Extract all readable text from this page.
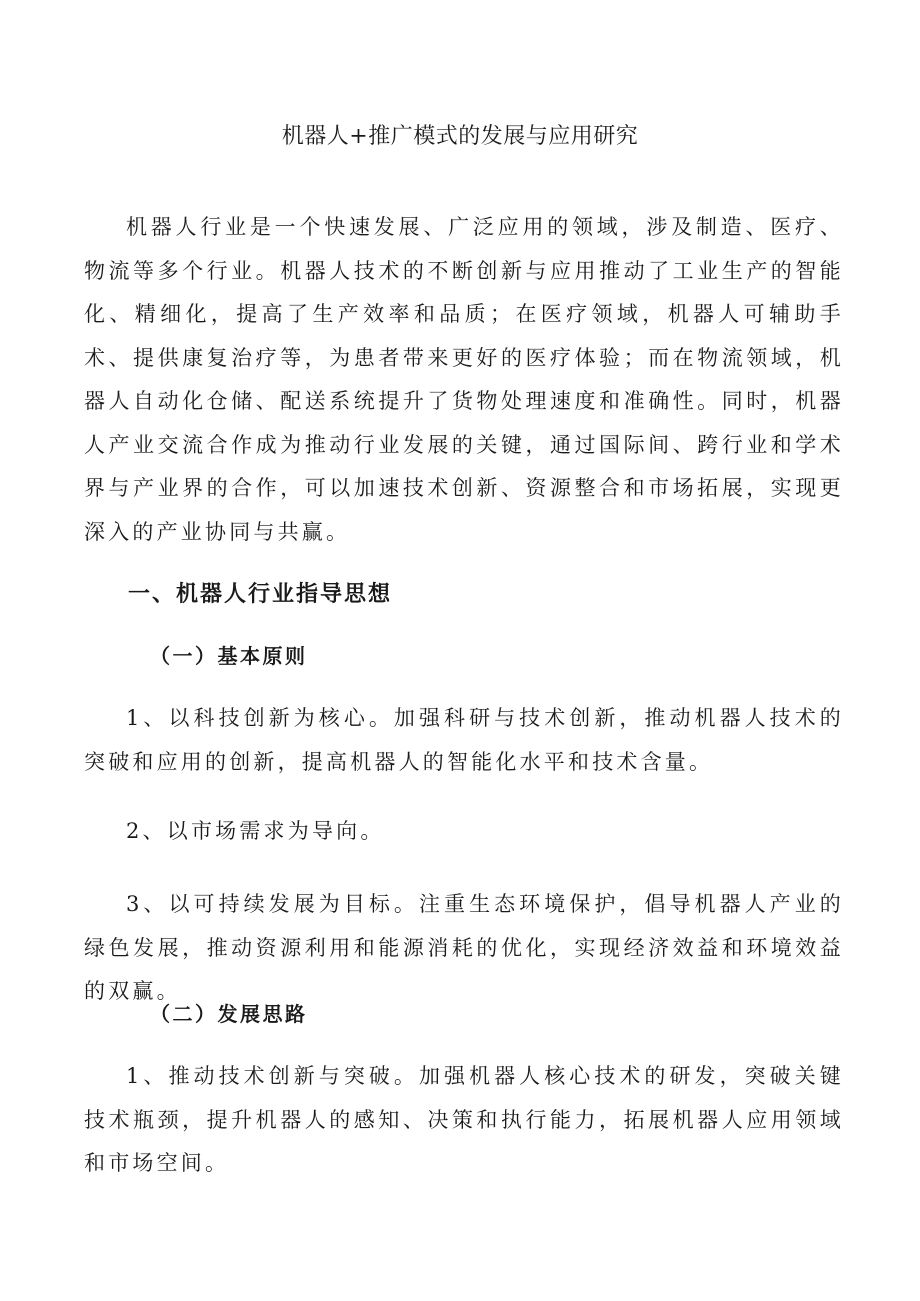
机器人+推广模式的发展与应用研究

机器人行业是一个快速发展、广泛应用的领域，涉及制造、医疗、物流等多个行业。机器人技术的不断创新与应用推动了工业生产的智能化、精细化，提高了生产效率和品质；在医疗领域，机器人可辅助手术、提供康复治疗等，为患者带来更好的医疗体验；而在物流领域，机器人自动化仓储、配送系统提升了货物处理速度和准确性。同时，机器人产业交流合作成为推动行业发展的关键，通过国际间、跨行业和学术界与产业界的合作，可以加速技术创新、资源整合和市场拓展，实现更深入的产业协同与共赢。

一、机器人行业指导思想
（一）基本原则

1、以科技创新为核心。加强科研与技术创新，推动机器人技术的突破和应用的创新，提高机器人的智能化水平和技术含量。

2、以市场需求为导向。

3、以可持续发展为目标。注重生态环境保护，倡导机器人产业的绿色发展，推动资源利用和能源消耗的优化，实现经济效益和环境效益的双赢。

（二）发展思路

1、推动技术创新与突破。加强机器人核心技术的研发，突破关键技术瓶颈，提升机器人的感知、决策和执行能力，拓展机器人应用领域和市场空间。
